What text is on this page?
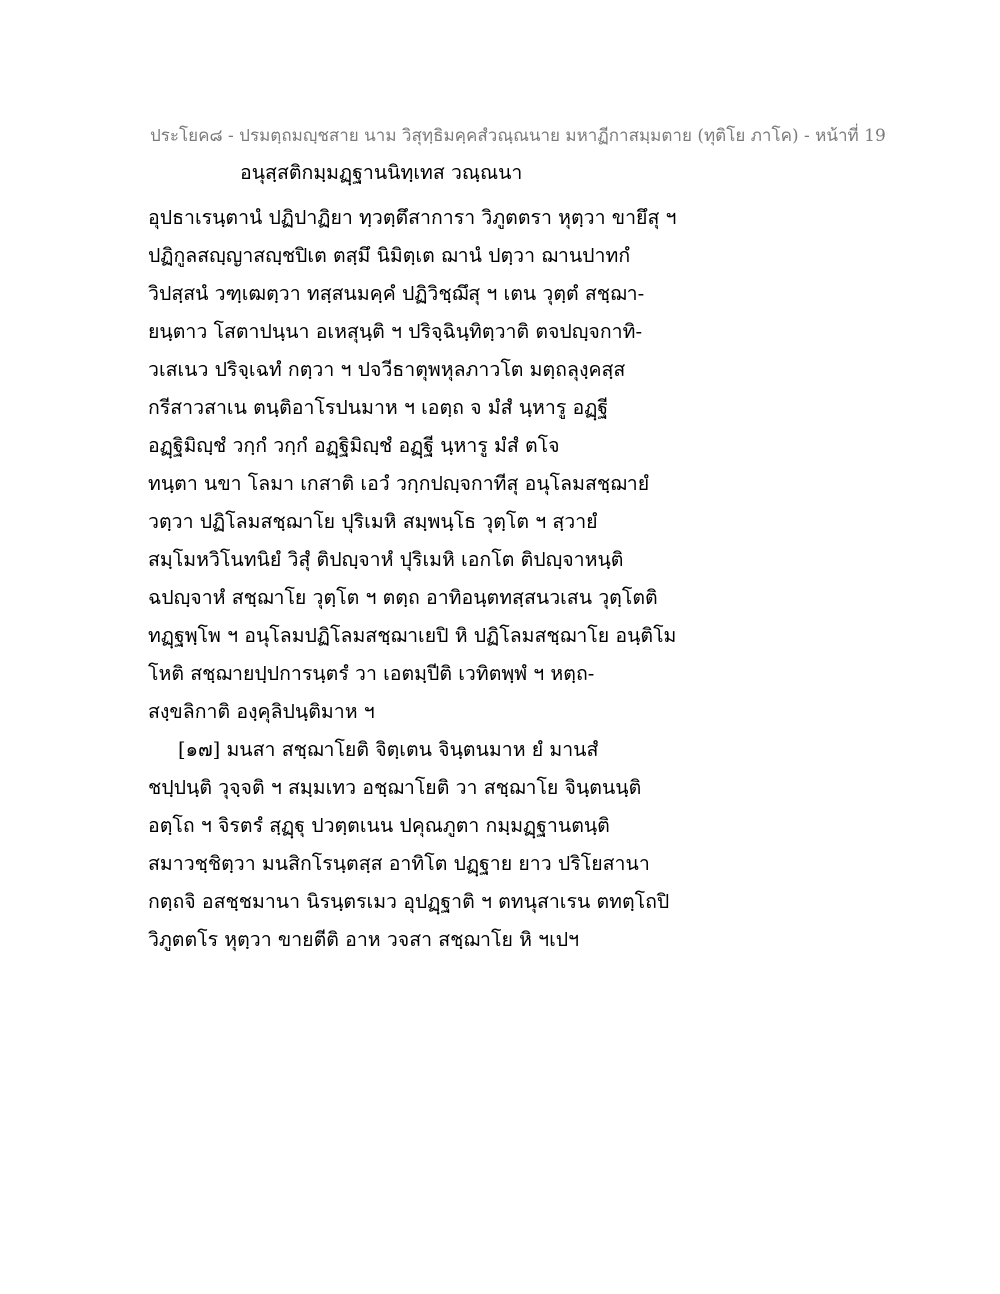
ประโยค๘ - ปรมตฺถมญฺชสาย นาม วิสุทฺธิมคฺคสํวณฺณนาย มหาฏีกาสมฺมตาย (ทุติโย ภาโค) - หน้าที่ 19
อนุสฺสติกมฺมฏฺฐานนิทฺเทส วณฺณนา
อุปธาเรนฺตานํ ปฏิปาฏิยา ทฺวตฺตึสาการา วิภูตตรา หุตฺวา ขายึสุ ฯ
ปฏิกูลสญฺญาสญฺชปิเต ตสฺมึ นิมิตฺเต ฌานํ ปตฺวา ฌานปาทกํ
วิปสฺสนํ วฑฺเฒตฺวา ทสฺสนมคฺคํ ปฏิวิชฺฌึสุ ฯ เตน วุตฺตํ สชฺฌา-
ยนฺตาว โสตาปนฺนา อเหสุนฺติ ฯ ปริจฺฉินฺทิตฺวาติ ตจปญฺจกาทิ-
วเสเนว ปริจฺเฉทํ กตฺวา ฯ ปจวีธาตุพหุลภาวโต มตฺถลุงฺคสฺส
กรีสาวสาเน ตนฺติอาโรปนมาห ฯ เอตฺถ จ มํสํ นฺหารู อฏฺฐี
อฏฺฐิมิญฺชํ วกฺกํ วกฺกํ อฏฺฐิมิญฺชํ อฏฺฐี นฺหารู มํสํ ตโจ
ทนฺตา นขา โลมา เกสาติ เอวํ วกฺกปญฺจกาทีสุ อนุโลมสชฺฌายํ
วตฺวา ปฏิโลมสชฺฌาโย ปุริเมหิ สมฺพนฺโธ วุตฺโต ฯ สฺวายํ
สมฺโมหวิโนทนิยํ วิสุํ ติปญฺจาหํ ปุริเมหิ เอกโต ติปญฺจาหนฺติ
ฉปญฺจาหํ สชฺฌาโย วุตฺโต ฯ ตตฺถ อาทิอนฺตทสฺสนวเสน วุตฺโตติ
ทฏฺฐพฺโพ ฯ อนุโลมปฏิโลมสชฺฌาเยปิ หิ ปฏิโลมสชฺฌาโย อนฺติโม
โหติ สชฺฌายปฺปการนฺตรํ วา เอตมฺปีติ เวทิตพฺพํ ฯ หตฺถ-
สงฺขลิกาติ องฺคุลิปนฺติมาห ฯ
[๑๗] มนสา สชฺฌาโยติ จิตฺเตน จินฺตนมาห ยํ มานสํ
ชปฺปนฺติ วุจฺจติ ฯ สมฺมเทว อชฺฌาโยติ วา สชฺฌาโย จินฺตนนฺติ
อตฺโถ ฯ จิรตรํ สฺฏฺฐุ ปวตฺตเนน ปคุณภูตา กมฺมฏฺฐานตนฺติ
สมาวชฺชิตฺวา มนสิกโรนฺตสฺส อาทิโต ปฏฺฐาย ยาว ปริโยสานา
กตฺถจิ อสชฺชมานา นิรนฺตรเมว อุปฏฺฐาติ ฯ ตทนุสาเรน ตทตฺโถปิ
วิภูตตโร หุตฺวา ขายตีติ อาห วจสา สชฺฌาโย หิ ฯเปฯ
